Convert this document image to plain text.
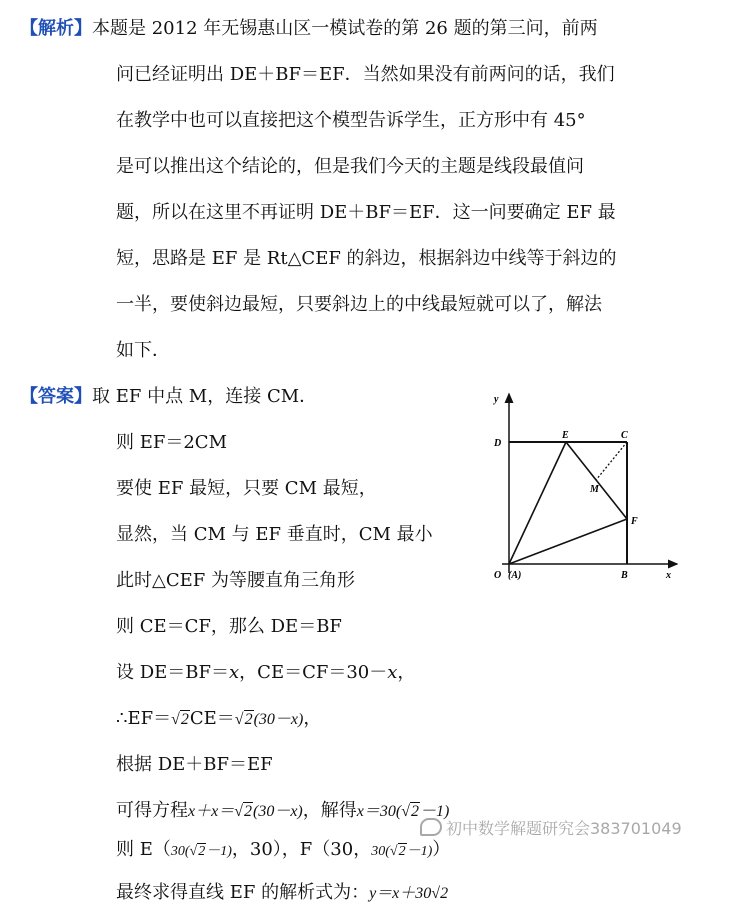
【解析】本题是 2012 年无锡惠山区一模试卷的第 26 题的第三问，前两
问已经证明出 DE＋BF＝EF．当然如果没有前两问的话，我们
在教学中也可以直接把这个模型告诉学生，正方形中有 45°
是可以推出这个结论的，但是我们今天的主题是线段最值问
题，所以在这里不再证明 DE＋BF＝EF．这一问要确定 EF 最
短，思路是 EF 是 Rt△CEF 的斜边，根据斜边中线等于斜边的
一半，要使斜边最短，只要斜边上的中线最短就可以了，解法
如下．
【答案】取 EF 中点 M，连接 CM．
则 EF＝2CM
要使 EF 最短，只要 CM 最短，
显然，当 CM 与 EF 垂直时，CM 最小
此时△CEF 为等腰直角三角形
则 CE＝CF，那么 DE＝BF
设 DE＝BF＝x，CE＝CF＝30－x，
∴EF＝√2CE＝√2(30－x)，
根据 DE＋BF＝EF
可得方程x＋x＝√2(30－x)，解得x＝30(√2－1)
则 E（30(√2－1)，30），F（30，30(√2－1)）
最终求得直线 EF 的解析式为：y＝x＋30√2
y
x
D
E	C
M
F
O (A)	B
初中数学解题研究会383701049
